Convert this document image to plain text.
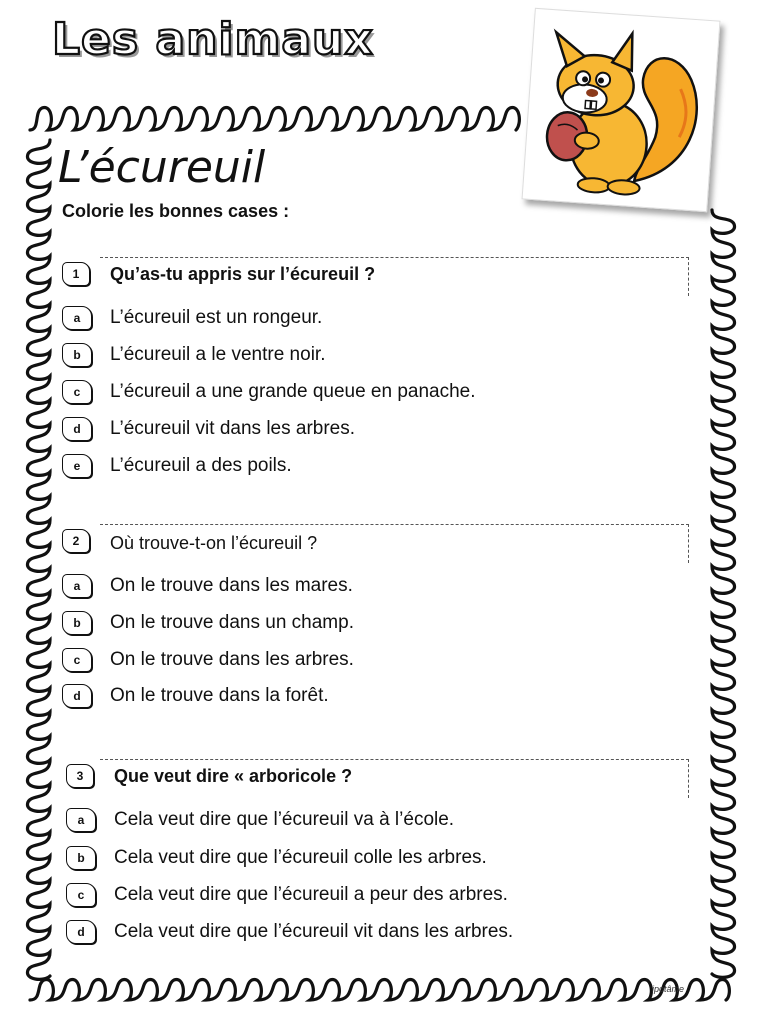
Les animaux
L’écureuil
Colorie les bonnes cases :
1	Qu’as-tu appris sur l’écureuil ?
a	L’écureuil est un rongeur.
b	L’écureuil a le ventre noir.
c	L’écureuil a une grande queue en panache.
d	L’écureuil vit dans les arbres.
e	L’écureuil a des poils.
2	Où trouve-t-on l’écureuil ?
a	On le trouve dans les mares.
b	On le trouve dans un champ.
c	On le trouve dans les arbres.
d	On le trouve dans la forêt.
3	Que veut dire « arboricole ?
a	Cela veut dire que l’écureuil va à l’école.
b	Cela veut dire que l’écureuil colle les arbres.
c	Cela veut dire que l’écureuil a peur des arbres.
d	Cela veut dire que l’écureuil vit dans les arbres.
ipotâme
